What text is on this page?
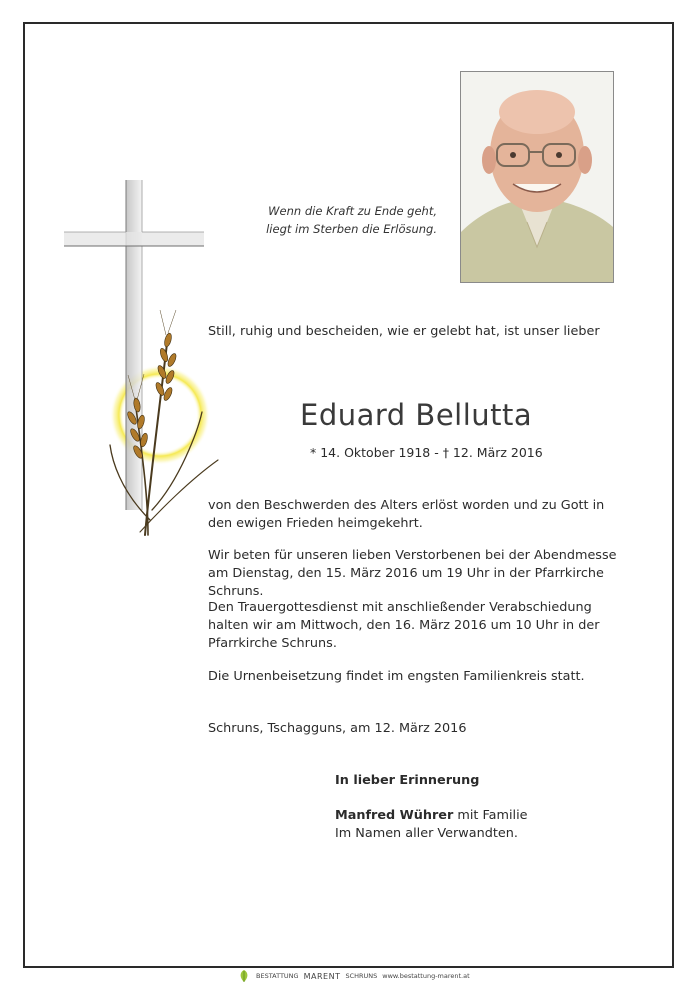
Wenn die Kraft zu Ende geht,
liegt im Sterben die Erlösung.
Still, ruhig und bescheiden, wie er gelebt hat, ist unser lieber
Eduard Bellutta
* 14. Oktober 1918 - † 12. März 2016
von den Beschwerden des Alters erlöst worden und zu Gott in den ewigen Frieden heimgekehrt.
Wir beten für unseren lieben Verstorbenen bei der Abendmesse am Dienstag, den 15. März 2016 um 19 Uhr in der Pfarrkirche Schruns.
Den Trauergottesdienst mit anschließender Verabschiedung halten wir am Mittwoch, den 16. März 2016 um 10 Uhr in der Pfarrkirche Schruns.
Die Urnenbeisetzung findet im engsten Familienkreis statt.
Schruns, Tschagguns, am 12. März 2016
In lieber Erinnerung
Manfred Wührer mit Familie
Im Namen aller Verwandten.
BESTATTUNG MARENT SCHRUNS www.bestattung-marent.at
